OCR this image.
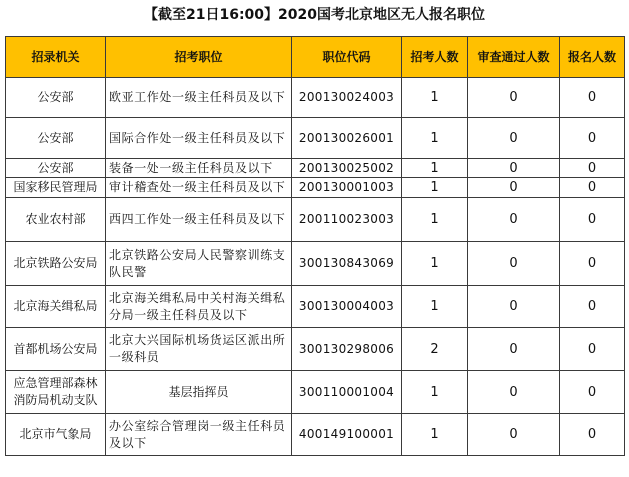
【截至21日16:00】2020国考北京地区无人报名职位
招录机关	招考职位	职位代码	招考人数	审查通过人数	报名人数
公安部	欧亚工作处一级主任科员及以下	200130024003	1	0	0
公安部	国际合作处一级主任科员及以下	200130026001	1	0	0
公安部	装备一处一级主任科员及以下	200130025002	1	0	0
国家移民管理局	审计稽查处一级主任科员及以下	200130001003	1	0	0
农业农村部	西四工作处一级主任科员及以下	200110023003	1	0	0
北京铁路公安局	北京铁路公安局人民警察训练支队民警	300130843069	1	0	0
北京海关缉私局	北京海关缉私局中关村海关缉私分局一级主任科员及以下	300130004003	1	0	0
首都机场公安局	北京大兴国际机场货运区派出所一级科员	300130298006	2	0	0
应急管理部森林消防局机动支队	基层指挥员	300110001004	1	0	0
北京市气象局	办公室综合管理岗一级主任科员及以下	400149100001	1	0	0
